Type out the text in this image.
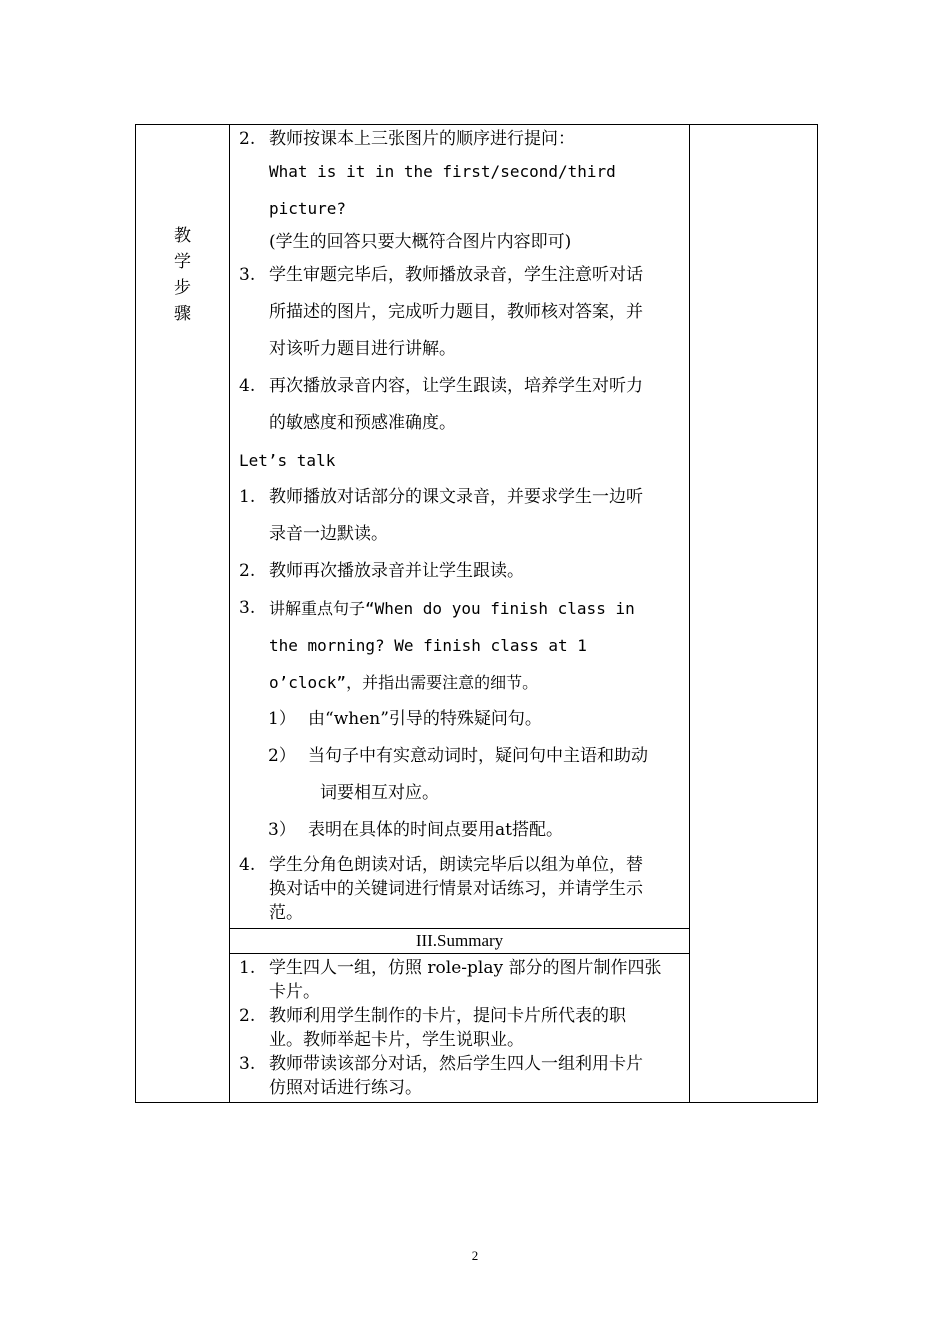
教
学
步
骤

2. 教师按课本上三张图片的顺序进行提问：
What is it in the first/second/third
picture?
(学生的回答只要大概符合图片内容即可)
3. 学生审题完毕后，教师播放录音，学生注意听对话
所描述的图片，完成听力题目，教师核对答案，并
对该听力题目进行讲解。
4. 再次播放录音内容，让学生跟读，培养学生对听力
的敏感度和预感准确度。
Let’s talk
1. 教师播放对话部分的课文录音，并要求学生一边听
录音一边默读。
2. 教师再次播放录音并让学生跟读。
3. 讲解重点句子“When do you finish class in
the morning? We finish class at 1
o’clock”，并指出需要注意的细节。
1） 由“when”引导的特殊疑问句。
2） 当句子中有实意动词时，疑问句中主语和助动
词要相互对应。
3） 表明在具体的时间点要用at搭配。
4. 学生分角色朗读对话，朗读完毕后以组为单位，替
换对话中的关键词进行情景对话练习，并请学生示
范。
III.Summary
1. 学生四人一组，仿照 role-play 部分的图片制作四张
卡片。
2. 教师利用学生制作的卡片，提问卡片所代表的职
业。教师举起卡片，学生说职业。
3. 教师带读该部分对话，然后学生四人一组利用卡片
仿照对话进行练习。

2
